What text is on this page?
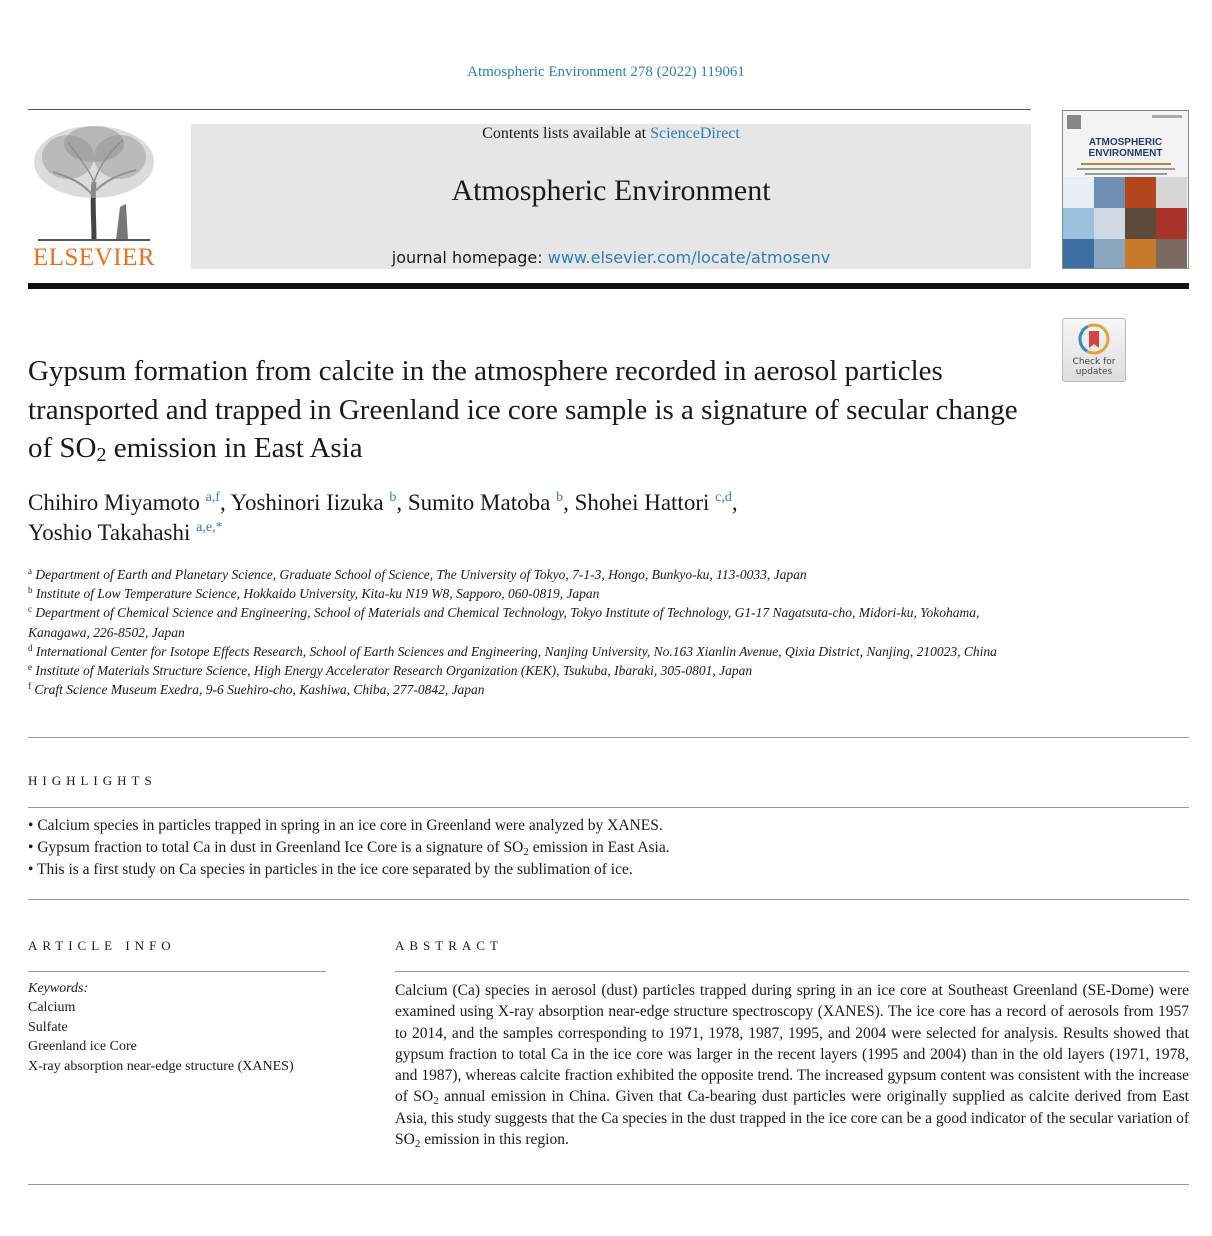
Atmospheric Environment 278 (2022) 119061
ELSEVIER
Contents lists available at ScienceDirect
Atmospheric Environment
journal homepage: www.elsevier.com/locate/atmosenv
ATMOSPHERIC
ENVIRONMENT
Check for
updates
Gypsum formation from calcite in the atmosphere recorded in aerosol particles transported and trapped in Greenland ice core sample is a signature of secular change of $SO_2$ emission in East Asia
Chihiro Miyamoto $^{a,f}$, Yoshinori Iizuka $^b$, Sumito Matoba $^b$, Shohei Hattori $^{c,d}$,
Yoshio Takahashi $^{a,e,*}$
$^a$ Department of Earth and Planetary Science, Graduate School of Science, The University of Tokyo, 7-1-3, Hongo, Bunkyo-ku, 113-0033, Japan
$^b$ Institute of Low Temperature Science, Hokkaido University, Kita-ku N19 W8, Sapporo, 060-0819, Japan
$^c$ Department of Chemical Science and Engineering, School of Materials and Chemical Technology, Tokyo Institute of Technology, G1-17 Nagatsuta-cho, Midori-ku, Yokohama, Kanagawa, 226-8502, Japan
$^d$ International Center for Isotope Effects Research, School of Earth Sciences and Engineering, Nanjing University, No.163 Xianlin Avenue, Qixia District, Nanjing, 210023, China
$^e$ Institute of Materials Structure Science, High Energy Accelerator Research Organization (KEK), Tsukuba, Ibaraki, 305-0801, Japan
$^f$ Craft Science Museum Exedra, 9-6 Suehiro-cho, Kashiwa, Chiba, 277-0842, Japan
HIGHLIGHTS
• Calcium species in particles trapped in spring in an ice core in Greenland were analyzed by XANES.
• Gypsum fraction to total Ca in dust in Greenland Ice Core is a signature of $SO_2$ emission in East Asia.
• This is a first study on Ca species in particles in the ice core separated by the sublimation of ice.
ARTICLE INFO
Keywords:
Calcium
Sulfate
Greenland ice Core
X-ray absorption near-edge structure (XANES)
ABSTRACT
Calcium (Ca) species in aerosol (dust) particles trapped during spring in an ice core at Southeast Greenland (SE-Dome) were examined using X-ray absorption near-edge structure spectroscopy (XANES). The ice core has a record of aerosols from 1957 to 2014, and the samples corresponding to 1971, 1978, 1987, 1995, and 2004 were selected for analysis. Results showed that gypsum fraction to total Ca in the ice core was larger in the recent layers (1995 and 2004) than in the old layers (1971, 1978, and 1987), whereas calcite fraction exhibited the opposite trend. The increased gypsum content was consistent with the increase of $SO_2$ annual emission in China. Given that Ca-bearing dust particles were originally supplied as calcite derived from East Asia, this study suggests that the Ca species in the dust trapped in the ice core can be a good indicator of the secular variation of $SO_2$ emission in this region.
